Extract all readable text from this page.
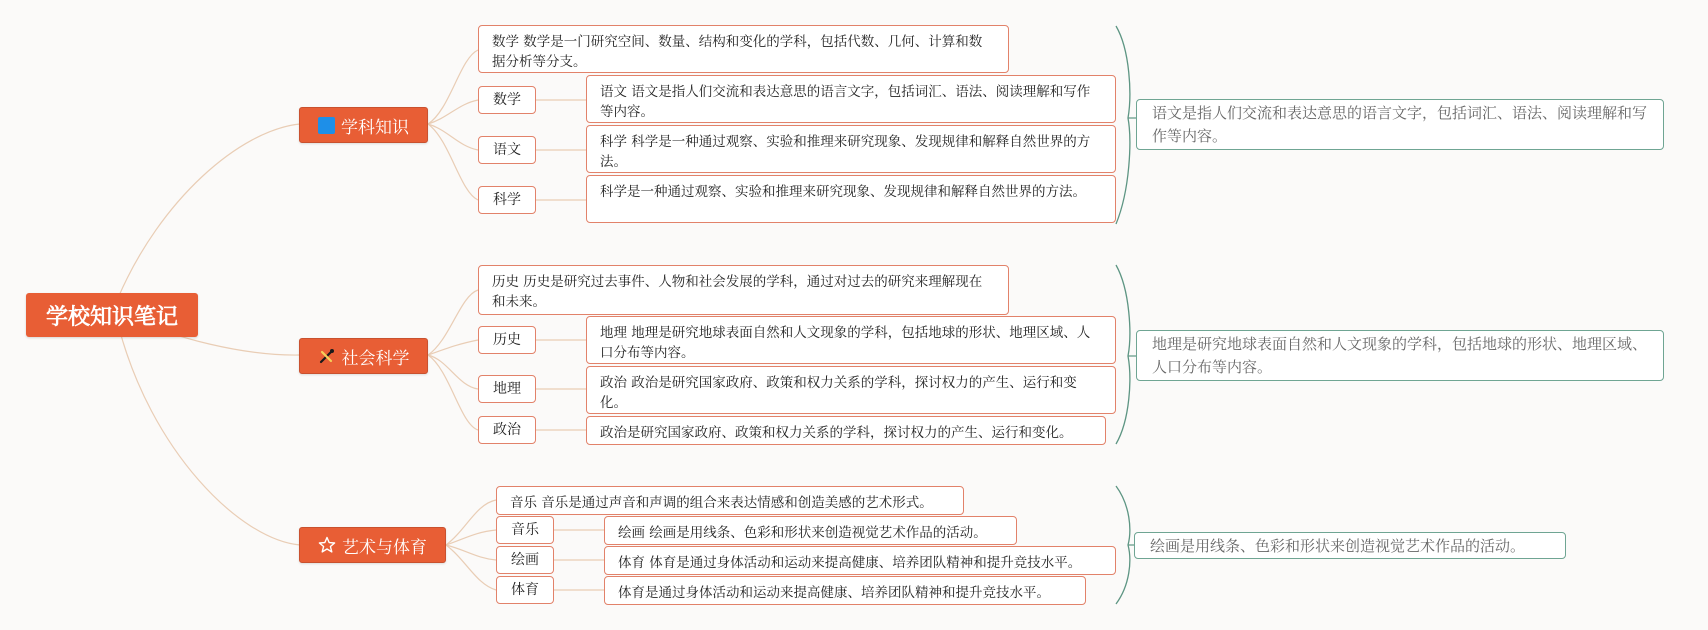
学校知识笔记
学科知识
数学 数学是一门研究空间、数量、结构和变化的学科，包括代数、几何、计算和数据分析等分支。
数学	语文 语文是指人们交流和表达意思的语言文字，包括词汇、语法、阅读理解和写作等内容。
语文	科学 科学是一种通过观察、实验和推理来研究现象、发现规律和解释自然世界的方法。
科学	科学是一种通过观察、实验和推理来研究现象、发现规律和解释自然世界的方法。
语文是指人们交流和表达意思的语言文字，包括词汇、语法、阅读理解和写作等内容。
社会科学
历史 历史是研究过去事件、人物和社会发展的学科，通过对过去的研究来理解现在和未来。
历史	地理 地理是研究地球表面自然和人文现象的学科，包括地球的形状、地理区域、人口分布等内容。
地理	政治 政治是研究国家政府、政策和权力关系的学科，探讨权力的产生、运行和变化。
政治	政治是研究国家政府、政策和权力关系的学科，探讨权力的产生、运行和变化。
地理是研究地球表面自然和人文现象的学科，包括地球的形状、地理区域、人口分布等内容。
艺术与体育
音乐 音乐是通过声音和声调的组合来表达情感和创造美感的艺术形式。
音乐	绘画 绘画是用线条、色彩和形状来创造视觉艺术作品的活动。
绘画	体育 体育是通过身体活动和运动来提高健康、培养团队精神和提升竞技水平。
体育	体育是通过身体活动和运动来提高健康、培养团队精神和提升竞技水平。
绘画是用线条、色彩和形状来创造视觉艺术作品的活动。
